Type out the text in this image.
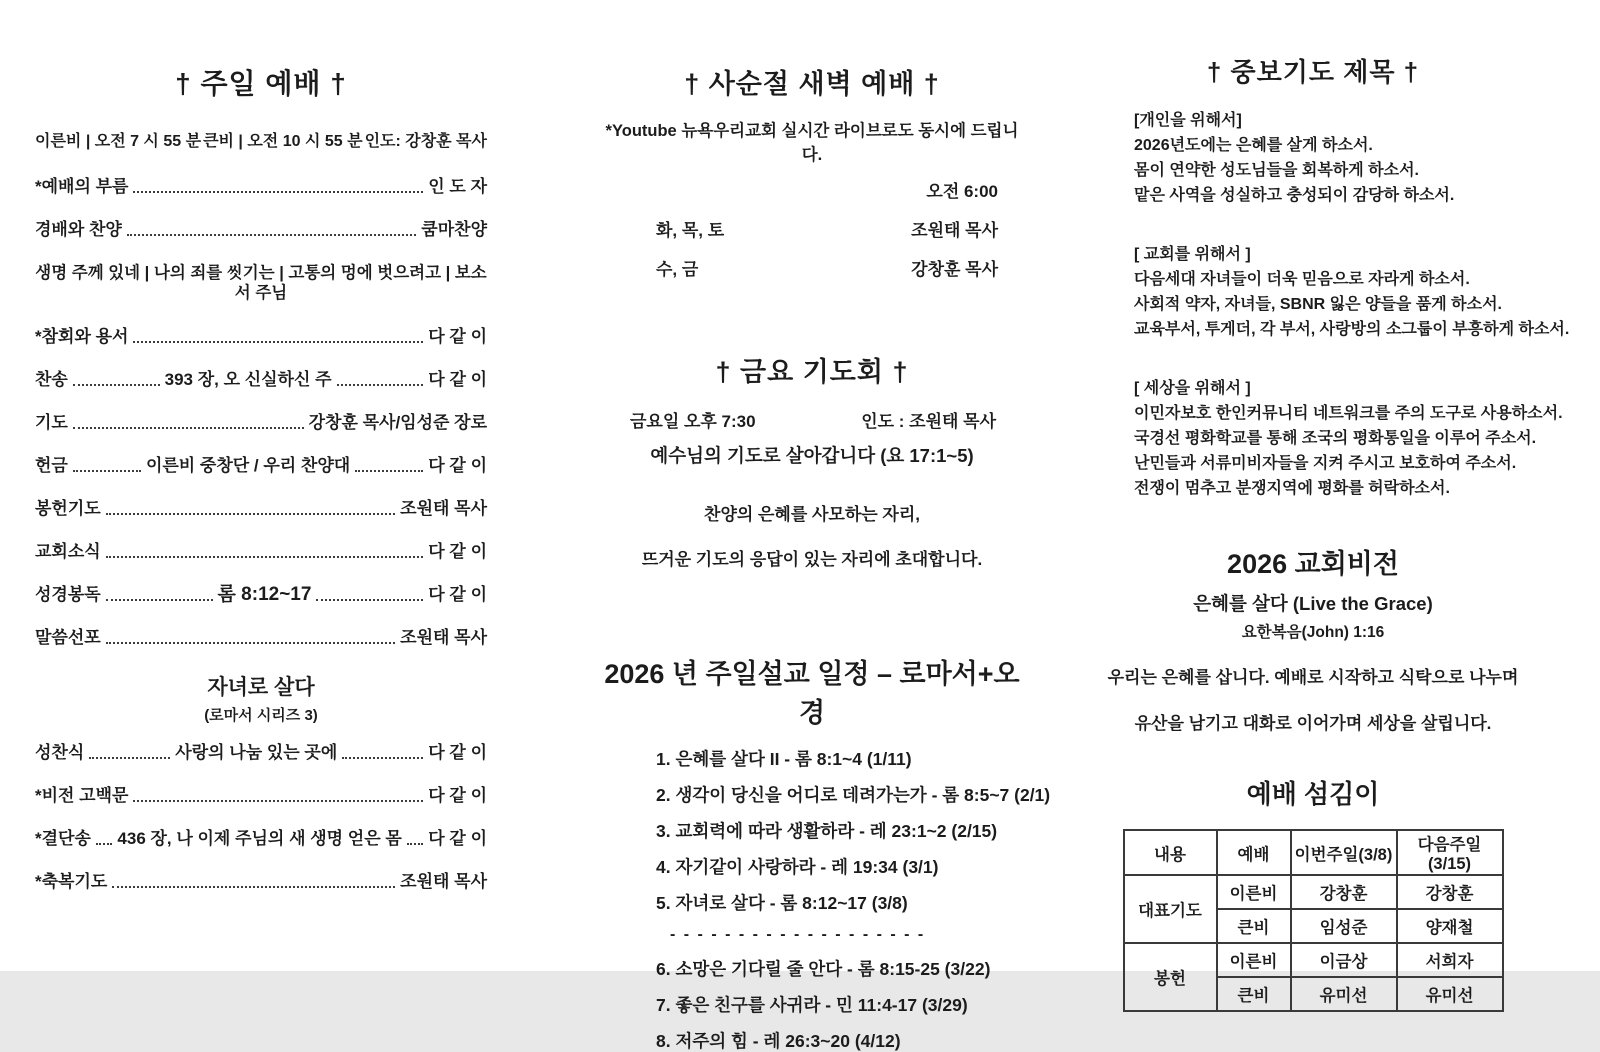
† 주일 예배 †
이른비 | 오전 7 시 55 분 큰비 | 오전 10 시 55 분 인도: 강창훈 목사
*예배의 부름	인 도 자
경배와 찬양	쿰마찬양
생명 주께 있네 | 나의 죄를 씻기는 | 고통의 멍에 벗으려고 | 보소서 주님
*참회와 용서	다 같 이
찬송	393 장, 오 신실하신 주	다 같 이
기도	강창훈 목사/임성준 장로
헌금	이른비 중창단 / 우리 찬양대	다 같 이
봉헌기도	조원태 목사
교회소식	다 같 이
성경봉독	롬 8:12~17	다 같 이
말씀선포	조원태 목사
자녀로 살다
(로마서 시리즈 3)
성찬식	사랑의 나눔 있는 곳에	다 같 이
*비전 고백문	다 같 이
*결단송 436 장, 나 이제 주님의 새 생명 얻은 몸 다 같 이
*축복기도	조원태 목사
† 사순절 새벽 예배 †
*Youtube 뉴욕우리교회 실시간 라이브로도 동시에 드립니다.
오전 6:00
화, 목, 토	조원태 목사
수, 금	강창훈 목사
† 금요 기도회 †
금요일 오후 7:30	인도 : 조원태 목사
예수님의 기도로 살아갑니다 (요 17:1~5)
찬양의 은혜를 사모하는 자리,
뜨거운 기도의 응답이 있는 자리에 초대합니다.
2026 년 주일설교 일정 – 로마서+오경
1. 은혜를 살다 II - 롬 8:1~4 (1/11)
2. 생각이 당신을 어디로 데려가는가 - 롬 8:5~7 (2/1)
3. 교회력에 따라 생활하라 - 레 23:1~2 (2/15)
4. 자기같이 사랑하라 - 레 19:34 (3/1)
5. 자녀로 살다 - 롬 8:12~17 (3/8)
- - - - - - - - - - - - - - - - - - -
6. 소망은 기다릴 줄 안다 - 롬 8:15-25 (3/22)
7. 좋은 친구를 사귀라 - 민 11:4-17 (3/29)
8. 저주의 힘 - 레 26:3~20 (4/12)
† 중보기도 제목 †
[개인을 위해서]
2026년도에는 은혜를 살게 하소서.
몸이 연약한 성도님들을 회복하게 하소서.
맡은 사역을 성실하고 충성되이 감당하 하소서.
[ 교회를 위해서 ]
다음세대 자녀들이 더욱 믿음으로 자라게 하소서.
사회적 약자, 자녀들, SBNR 잃은 양들을 품게 하소서.
교육부서, 투게더, 각 부서, 사랑방의 소그룹이 부흥하게 하소서.
[ 세상을 위해서 ]
이민자보호 한인커뮤니티 네트워크를 주의 도구로 사용하소서.
국경선 평화학교를 통해 조국의 평화통일을 이루어 주소서.
난민들과 서류미비자들을 지켜 주시고 보호하여 주소서.
전쟁이 멈추고 분쟁지역에 평화를 허락하소서.
2026 교회비전
은혜를 살다 (Live the Grace)
요한복음(John) 1:16
우리는 은혜를 삽니다. 예배로 시작하고 식탁으로 나누며
유산을 남기고 대화로 이어가며 세상을 살립니다.
예배 섬김이
내용	예배	이번주일(3/8)	다음주일(3/15)
대표기도	이른비	강창훈	강창훈
	큰비	임성준	양재철
봉헌	이른비	이금상	서희자
	큰비	유미선	유미선
